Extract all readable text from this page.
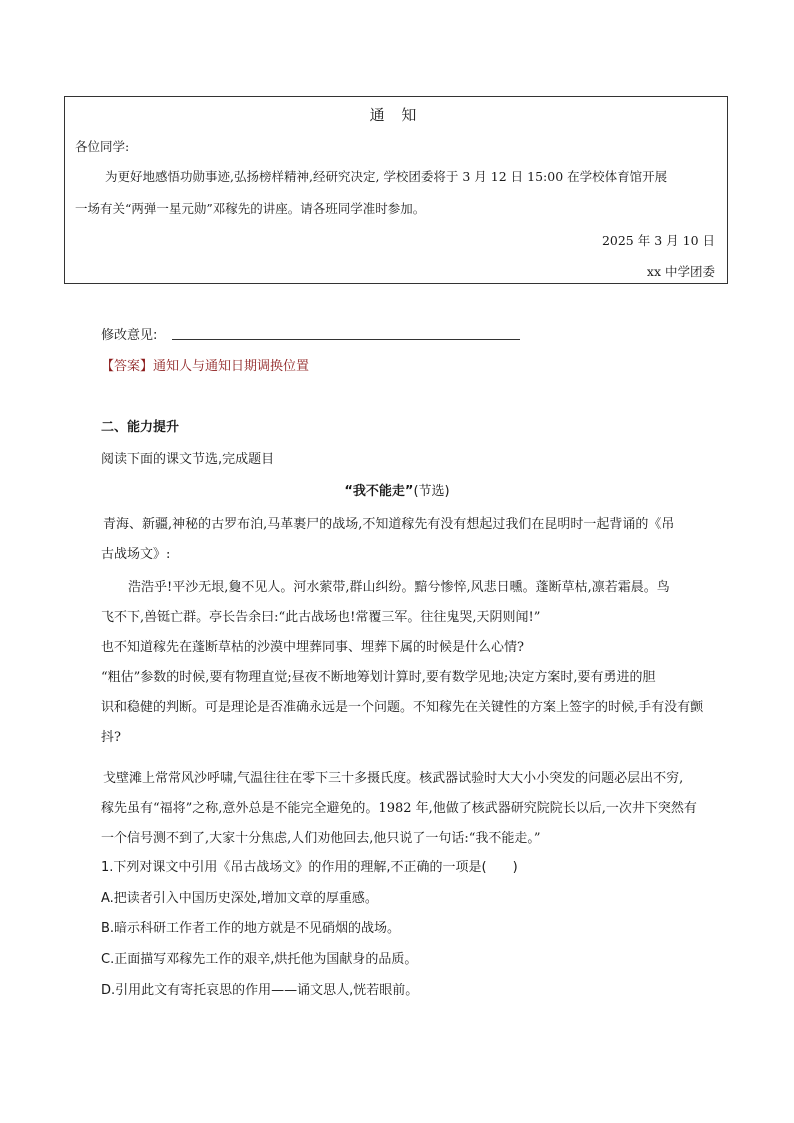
通 知
各位同学:
为更好地感悟功勋事迹,弘扬榜样精神,经研究决定, 学校团委将于 3 月 12 日 15:00 在学校体育馆开展
一场有关“两弹一星元勋”邓稼先的讲座。请各班同学准时参加。
2025 年 3 月 10 日
xx 中学团委
修改意见:
【答案】通知人与通知日期调换位置
二、能力提升
阅读下面的课文节选,完成题目
“我不能走”(节选)
青海、新疆,神秘的古罗布泊,马革裹尸的战场,不知道稼先有没有想起过我们在昆明时一起背诵的《吊
古战场文》:
浩浩乎!平沙无垠,敻不见人。河水萦带,群山纠纷。黯兮惨悴,风悲日曛。蓬断草枯,凛若霜晨。鸟
飞不下,兽铤亡群。亭长告余曰:“此古战场也!常覆三军。往往鬼哭,天阴则闻!”
也不知道稼先在蓬断草枯的沙漠中埋葬同事、埋葬下属的时候是什么心情?
“粗估”参数的时候,要有物理直觉;昼夜不断地筹划计算时,要有数学见地;决定方案时,要有勇进的胆
识和稳健的判断。可是理论是否准确永远是一个问题。不知稼先在关键性的方案上签字的时候,手有没有颤
抖?
戈壁滩上常常风沙呼啸,气温往往在零下三十多摄氏度。核武器试验时大大小小突发的问题必层出不穷,
稼先虽有“福将”之称,意外总是不能完全避免的。1982 年,他做了核武器研究院院长以后,一次井下突然有
一个信号测不到了,大家十分焦虑,人们劝他回去,他只说了一句话:“我不能走。”
1.下列对课文中引用《吊古战场文》的作用的理解,不正确的一项是(　　)
A.把读者引入中国历史深处,增加文章的厚重感。
B.暗示科研工作者工作的地方就是不见硝烟的战场。
C.正面描写邓稼先工作的艰辛,烘托他为国献身的品质。
D.引用此文有寄托哀思的作用——诵文思人,恍若眼前。
